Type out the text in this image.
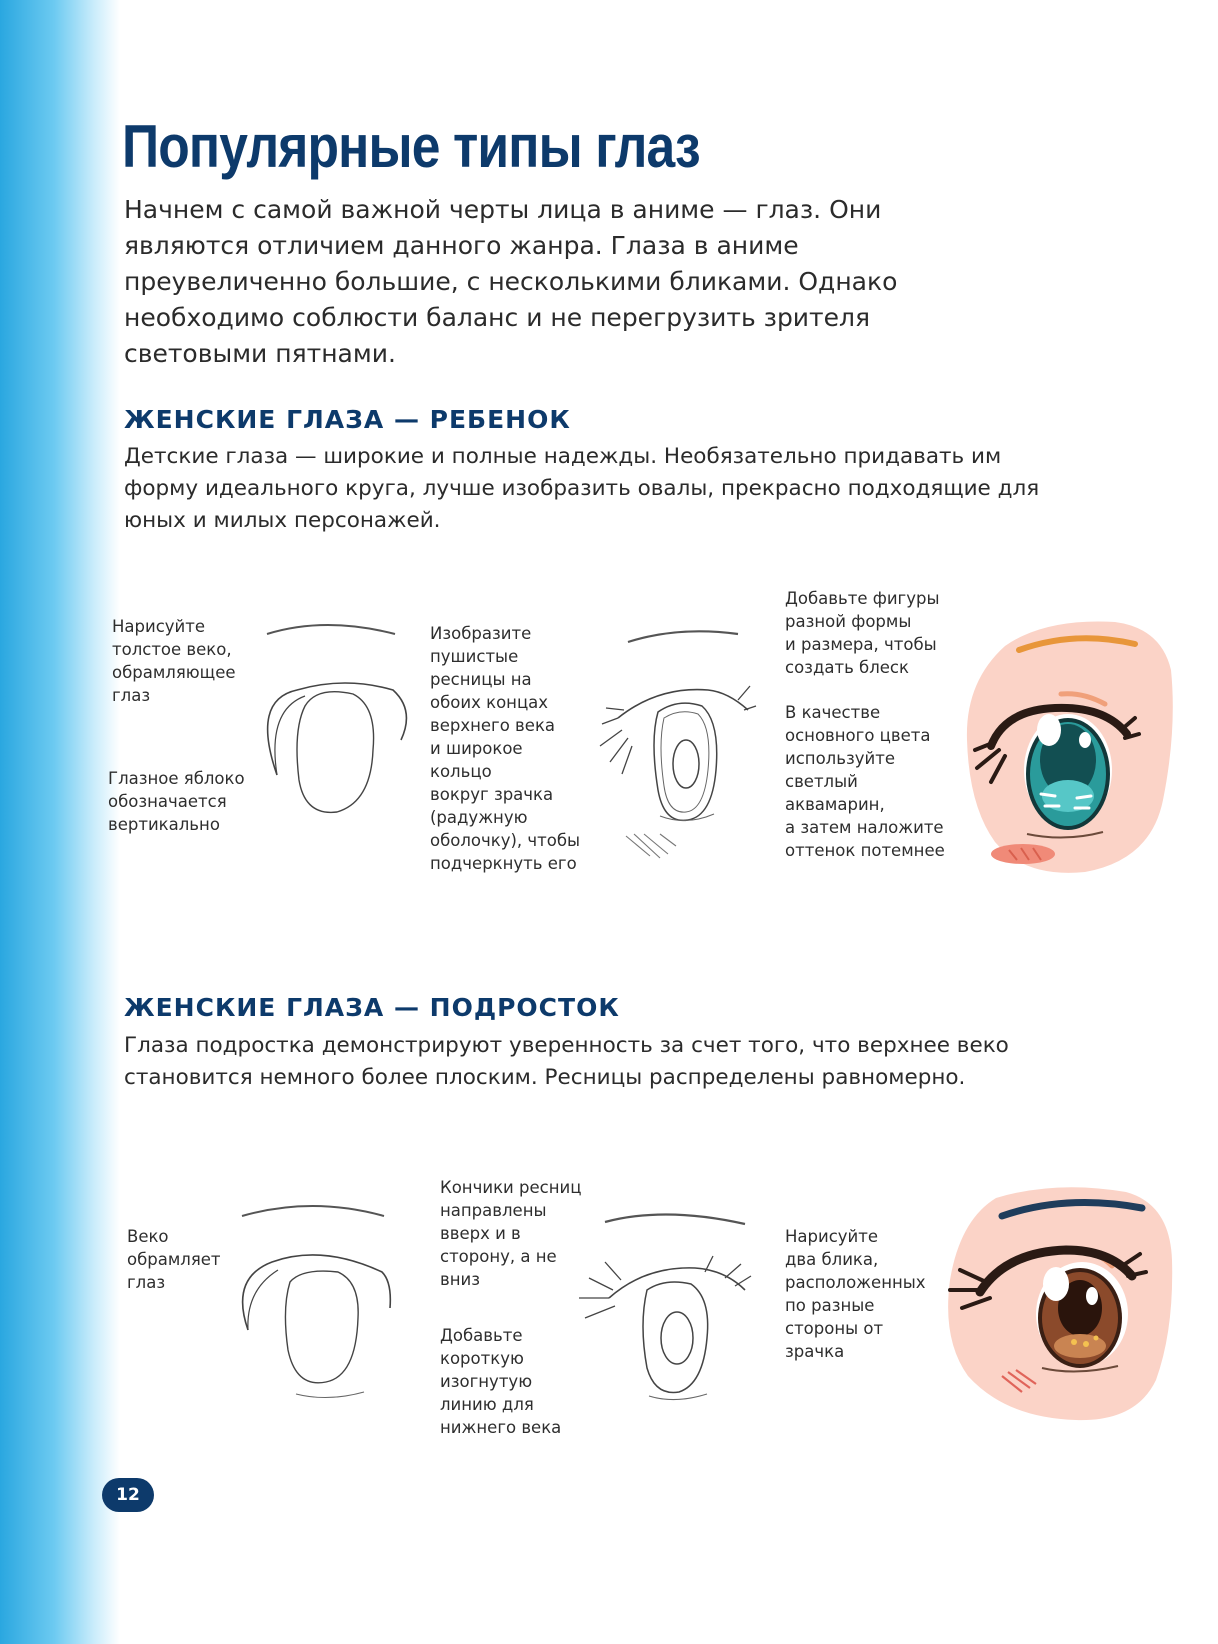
Популярные типы глаз

Начнем с самой важной черты лица в аниме — глаз. Они являются отличием данного жанра. Глаза в аниме преувеличенно большие, с несколькими бликами. Однако необходимо соблюсти баланс и не перегрузить зрителя световыми пятнами.

ЖЕНСКИЕ ГЛАЗА — РЕБЕНОК

Детские глаза — широкие и полные надежды. Необязательно придавать им форму идеального круга, лучше изобразить овалы, прекрасно подходящие для юных и милых персонажей.

Нарисуйте
толстое веко,
обрамляющее
глаз
Глазное яблоко
обозначается
вертикально
Изобразите
пушистые
ресницы на
обоих концах
верхнего века
и широкое
кольцо
вокруг зрачка
(радужную
оболочку), чтобы
подчеркнуть его
Добавьте фигуры
разной формы
и размера, чтобы
создать блеск
В качестве
основного цвета
используйте
светлый
аквамарин,
а затем наложите
оттенок потемнее
ЖЕНСКИЕ ГЛАЗА — ПОДРОСТОК

Глаза подростка демонстрируют уверенность за счет того, что верхнее веко становится немного более плоским. Ресницы распределены равномерно.

Веко
обрамляет
глаз
Кончики ресниц
направлены
вверх и в
сторону, а не
вниз
Добавьте
короткую
изогнутую
линию для
нижнего века
Нарисуйте
два блика,
расположенных
по разные
стороны от
зрачка
12
